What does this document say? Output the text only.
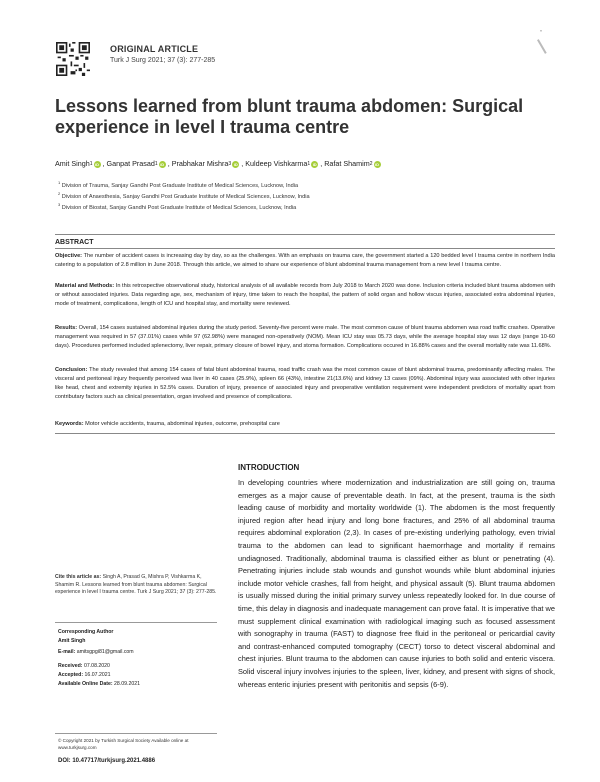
ORIGINAL ARTICLE
Turk J Surg 2021; 37 (3): 277-285
»
Lessons learned from blunt trauma abdomen: Surgical experience in level I trauma centre
Amit Singh 1 iD , Ganpat Prasad 1 iD , Prabhakar Mishra 3 iD , Kuldeep Vishkarma 1 iD , Rafat Shamim 2 iD
$^1$ Division of Trauma, Sanjay Gandhi Post Graduate Institute of Medical Sciences, Lucknow, India
$^2$ Division of Anaesthesia, Sanjay Gandhi Post Graduate Institute of Medical Sciences, Lucknow, India
$^3$ Division of Biostat, Sanjay Gandhi Post Graduate Institute of Medical Sciences, Lucknow, India
ABSTRACT
Objective: The number of accident cases is increasing day by day, so as the challenges. With an emphasis on trauma care, the government started a 120 bedded level I trauma centre in northern India catering to a population of 2.8 million in June 2018. Through this article, we aimed to share our experience of blunt abdominal trauma management from a new level I trauma centre.
Material and Methods: In this retrospective observational study, historical analysis of all available records from July 2018 to March 2020 was done. Inclusion criteria included blunt trauma abdomen with or without associated injuries. Data regarding age, sex, mechanism of injury, time taken to reach the hospital, the pattern of solid organ and hollow viscus injuries, associated extra abdominal injuries, mode of treatment, complications, length of ICU and hospital stay, and mortality were reviewed.
Results: Overall, 154 cases sustained abdominal injuries during the study period. Seventy-five percent were male. The most common cause of blunt trauma abdomen was road traffic crashes. Operative management was required in 57 (37.01%) cases while 97 (62.98%) were managed non-operatively (NOM). Mean ICU stay was 05.73 days, while the average hospital stay was 12 days (range 10-60 days). Procedures performed included splenectomy, liver repair, primary closure of bowel injury, and stoma formation. Complications occured in 16.88% cases and the overall mortality rate was 11.68%.
Conclusion: The study revealed that among 154 cases of fatal blunt abdominal trauma, road traffic crash was the most common cause of blunt abdominal trauma, predominantly affecting males. The visceral and peritoneal injury frequently perceived was liver in 40 cases (25.9%), spleen 66 (43%), intestine 21(13.6%) and kidney 13 cases (09%). Abdominal injury was associated with other injuries like head, chest and extremity injuries in 52.5% cases. Duration of injury, presence of associated injury and preoperative ventilation requirement were independent predictors of mortality apart from contributary factors such as clinical presentation, organ involved and presence of complications.
Keywords: Motor vehicle accidents, trauma, abdominal injuries, outcome, prehospital care
INTRODUCTION
In developing countries where modernization and industrialization are still going on, trauma emerges as a major cause of preventable death. In fact, at the present, trauma is the sixth leading cause of morbidity and mortality worldwide (1). The abdomen is the most frequently injured region after head injury and long bone fractures, and 25% of all abdominal trauma requires abdominal exploration (2,3). In cases of pre-existing underlying pathology, even trivial trauma to the abdomen can lead to significant haemorrhage and mortality if remains undiagnosed. Traditionally, abdominal trauma is classified either as blunt or penetrating (4). Penetrating injuries include stab wounds and gunshot wounds while blunt abdominal injuries include motor vehicle crashes, fall from height, and physical assault (5). Blunt trauma abdomen is usually missed during the initial primary survey unless repeatedly looked for. In due course of time, this delay in diagnosis and inadequate management can prove fatal. It is imperative that we must supplement clinical examination with radiological imaging such as focused assessment with sonography in trauma (FAST) to diagnose free fluid in the peritoneal or pericardial cavity and contrast-enhanced computed tomography (CECT) torso to detect visceral abdominal and chest injuries. Blunt trauma to the abdomen can cause injuries to both solid and enteric viscera. Solid visceral injury involves injuries to the spleen, liver, kidney, and present with signs of shock, whereas enteric injuries present with peritonitis and sepsis (6-9).
Cite this article as: Singh A, Prasad G, Mishra P, Vishkarma K, Shamim R. Lessons learned from blunt trauma abdomen: Surgical experience in level I trauma centre. Turk J Surg 2021; 37 (3): 277-285.
Corresponding Author
Amit Singh
E-mail: amitsgpgi81@gmail.com
Received: 07.08.2020
Accepted: 16.07.2021
Available Online Date: 28.09.2021
© Copyright 2021 by Turkish Surgical Society Available online at www.turkjsurg.com
DOI: 10.47717/turkjsurg.2021.4886
